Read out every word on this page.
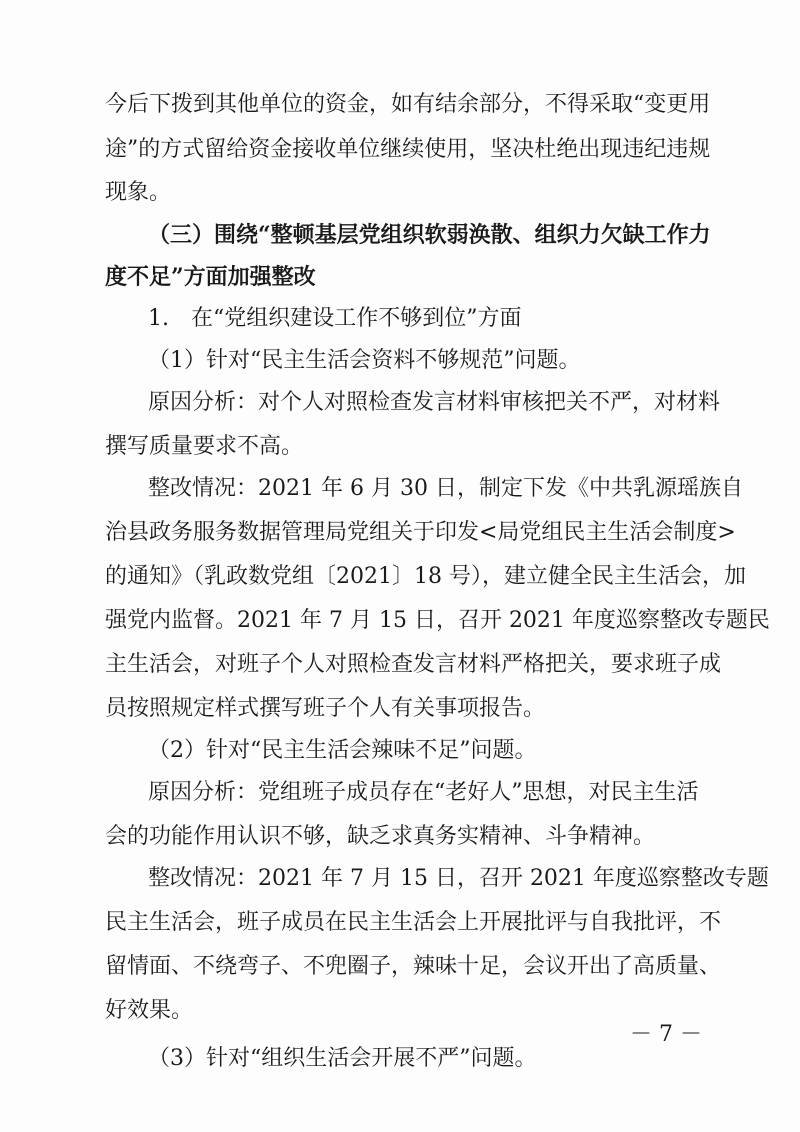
今后下拨到其他单位的资金，如有结余部分，不得采取“变更用
途”的方式留给资金接收单位继续使用，坚决杜绝出现违纪违规
现象。
（三）围绕“整顿基层党组织软弱涣散、组织力欠缺工作力
度不足”方面加强整改
1.　在“党组织建设工作不够到位”方面
（1）针对“民主生活会资料不够规范”问题。
原因分析：对个人对照检查发言材料审核把关不严，对材料
撰写质量要求不高。
整改情况：2021 年 6 月 30 日，制定下发《中共乳源瑶族自
治县政务服务数据管理局党组关于印发<局党组民主生活会制度>
的通知》（乳政数党组〔2021〕18 号），建立健全民主生活会，加
强党内监督。2021 年 7 月 15 日，召开 2021 年度巡察整改专题民
主生活会，对班子个人对照检查发言材料严格把关，要求班子成
员按照规定样式撰写班子个人有关事项报告。
（2）针对“民主生活会辣味不足”问题。
原因分析：党组班子成员存在“老好人”思想，对民主生活
会的功能作用认识不够，缺乏求真务实精神、斗争精神。
整改情况：2021 年 7 月 15 日，召开 2021 年度巡察整改专题
民主生活会，班子成员在民主生活会上开展批评与自我批评，不
留情面、不绕弯子、不兜圈子，辣味十足，会议开出了高质量、
好效果。
（3）针对“组织生活会开展不严”问题。
－ 7 －
